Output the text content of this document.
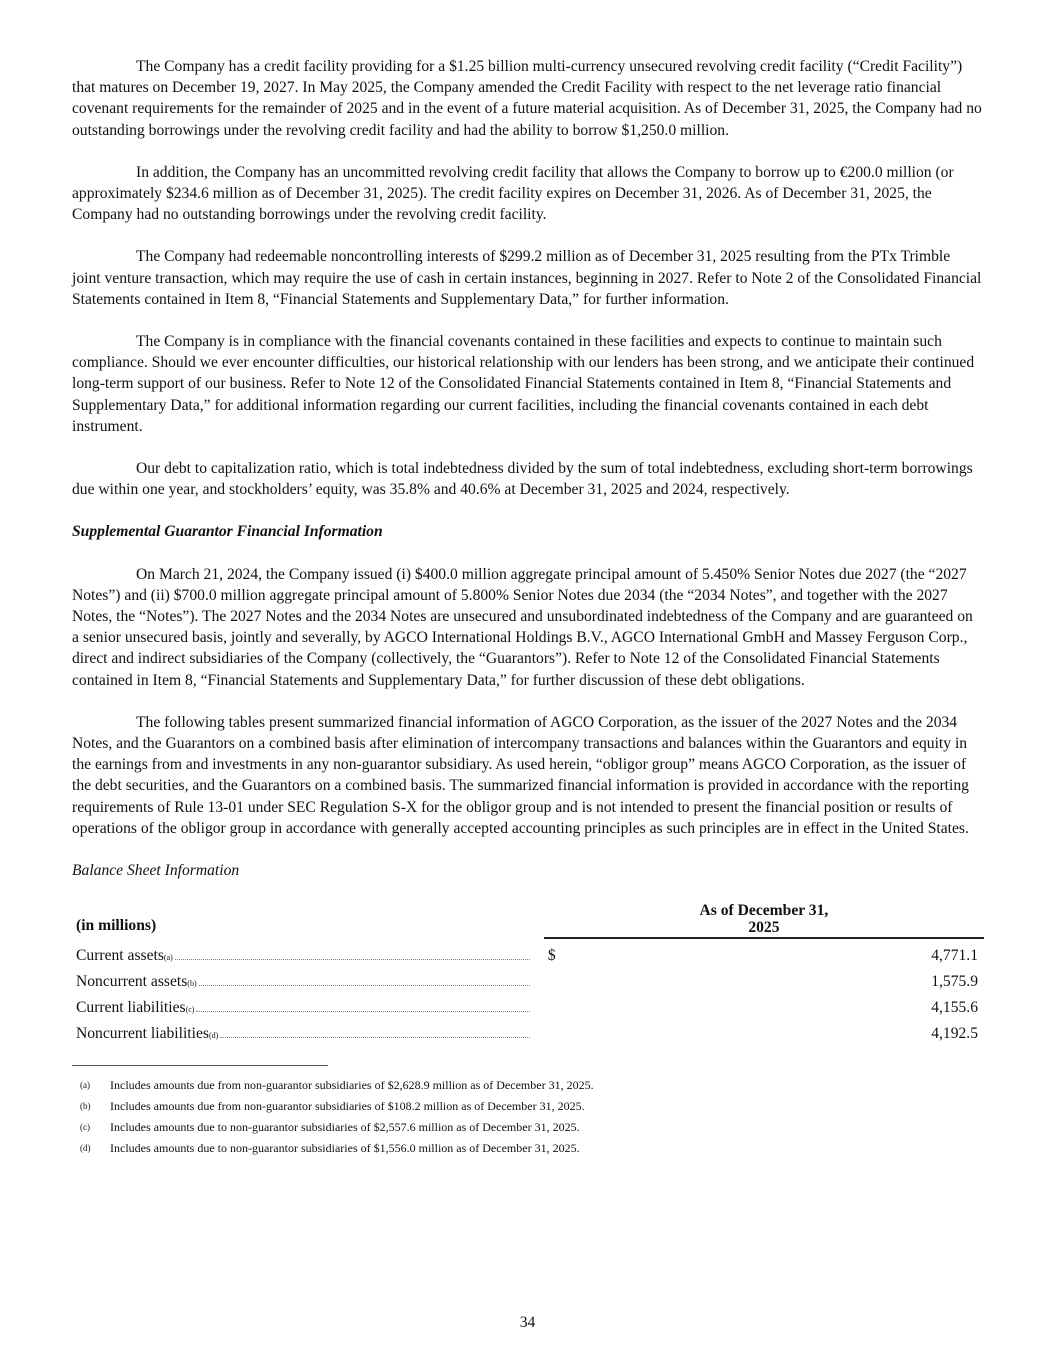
The Company has a credit facility providing for a $1.25 billion multi-currency unsecured revolving credit facility (“Credit Facility”) that matures on December 19, 2027. In May 2025, the Company amended the Credit Facility with respect to the net leverage ratio financial covenant requirements for the remainder of 2025 and in the event of a future material acquisition. As of December 31, 2025, the Company had no outstanding borrowings under the revolving credit facility and had the ability to borrow $1,250.0 million.

In addition, the Company has an uncommitted revolving credit facility that allows the Company to borrow up to €200.0 million (or approximately $234.6 million as of December 31, 2025). The credit facility expires on December 31, 2026. As of December 31, 2025, the Company had no outstanding borrowings under the revolving credit facility.

The Company had redeemable noncontrolling interests of $299.2 million as of December 31, 2025 resulting from the PTx Trimble joint venture transaction, which may require the use of cash in certain instances, beginning in 2027. Refer to Note 2 of the Consolidated Financial Statements contained in Item 8, “Financial Statements and Supplementary Data,” for further information.

The Company is in compliance with the financial covenants contained in these facilities and expects to continue to maintain such compliance. Should we ever encounter difficulties, our historical relationship with our lenders has been strong, and we anticipate their continued long-term support of our business. Refer to Note 12 of the Consolidated Financial Statements contained in Item 8, “Financial Statements and Supplementary Data,” for additional information regarding our current facilities, including the financial covenants contained in each debt instrument.

Our debt to capitalization ratio, which is total indebtedness divided by the sum of total indebtedness, excluding short-term borrowings due within one year, and stockholders’ equity, was 35.8% and 40.6% at December 31, 2025 and 2024, respectively.

Supplemental Guarantor Financial Information

On March 21, 2024, the Company issued (i) $400.0 million aggregate principal amount of 5.450% Senior Notes due 2027 (the “2027 Notes”) and (ii) $700.0 million aggregate principal amount of 5.800% Senior Notes due 2034 (the “2034 Notes”, and together with the 2027 Notes, the “Notes”). The 2027 Notes and the 2034 Notes are unsecured and unsubordinated indebtedness of the Company and are guaranteed on a senior unsecured basis, jointly and severally, by AGCO International Holdings B.V., AGCO International GmbH and Massey Ferguson Corp., direct and indirect subsidiaries of the Company (collectively, the “Guarantors”). Refer to Note 12 of the Consolidated Financial Statements contained in Item 8, “Financial Statements and Supplementary Data,” for further discussion of these debt obligations.

The following tables present summarized financial information of AGCO Corporation, as the issuer of the 2027 Notes and the 2034 Notes, and the Guarantors on a combined basis after elimination of intercompany transactions and balances within the Guarantors and equity in the earnings from and investments in any non-guarantor subsidiary. As used herein, “obligor group” means AGCO Corporation, as the issuer of the debt securities, and the Guarantors on a combined basis. The summarized financial information is provided in accordance with the reporting requirements of Rule 13-01 under SEC Regulation S-X for the obligor group and is not intended to present the financial position or results of operations of the obligor group in accordance with generally accepted accounting principles as such principles are in effect in the United States.

Balance Sheet Information
(in millions)		As of December 31,
2025	

Current assets (a)		$	4,771.1

Noncurrent assets (b)			1,575.9

Current liabilities (c)			4,155.6

Noncurrent liabilities (d)			4,192.5
(a)	Includes amounts due from non-guarantor subsidiaries of $2,628.9 million as of December 31, 2025.
(b)	Includes amounts due from non-guarantor subsidiaries of $108.2 million as of December 31, 2025.
(c)	Includes amounts due to non-guarantor subsidiaries of $2,557.6 million as of December 31, 2025.
(d)	Includes amounts due to non-guarantor subsidiaries of $1,556.0 million as of December 31, 2025.
34
